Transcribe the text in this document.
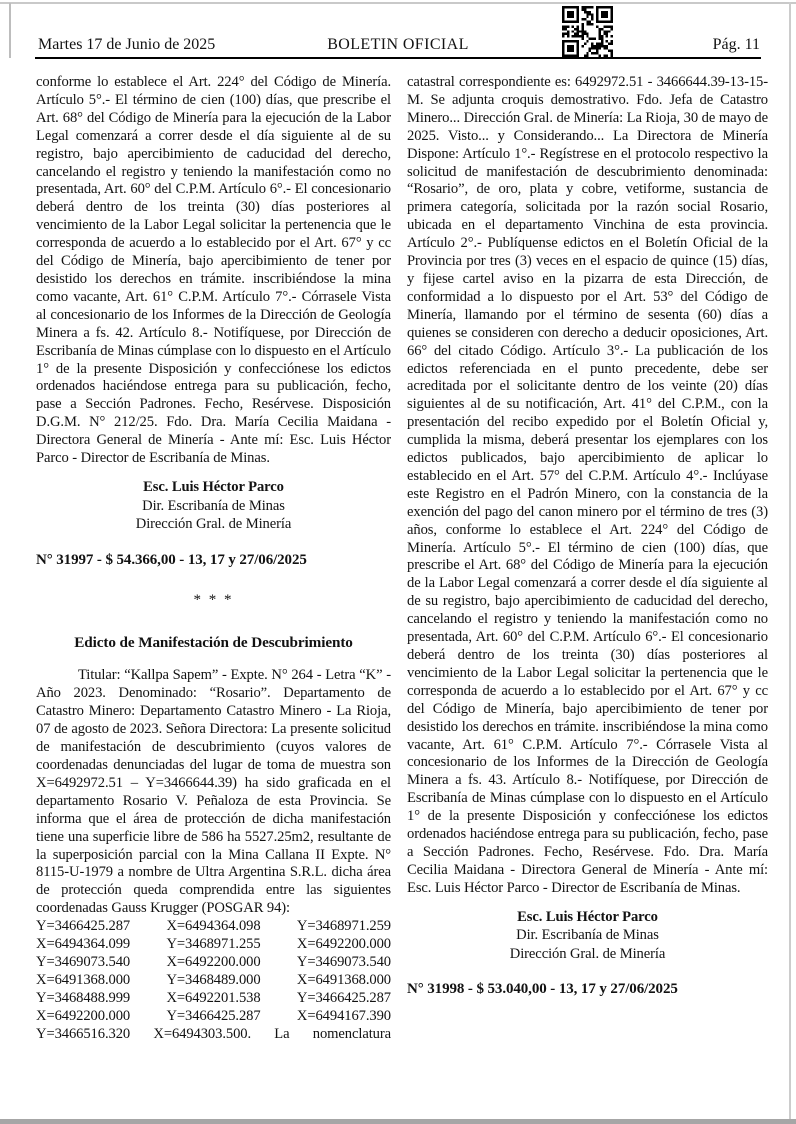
Martes 17 de Junio de 2025	BOLETIN OFICIAL	Pág. 11

conforme lo establece el Art. 224° del Código de Minería. Artículo 5°.- El término de cien (100) días, que prescribe el Art. 68° del Código de Minería para la ejecución de la Labor Legal comenzará a correr desde el día siguiente al de su registro, bajo apercibimiento de caducidad del derecho, cancelando el registro y teniendo la manifestación como no presentada, Art. 60° del C.P.M. Artículo 6°.- El concesionario deberá dentro de los treinta (30) días posteriores al vencimiento de la Labor Legal solicitar la pertenencia que le corresponda de acuerdo a lo establecido por el Art. 67° y cc del Código de Minería, bajo apercibimiento de tener por desistido los derechos en trámite. inscribiéndose la mina como vacante, Art. 61° C.P.M. Artículo 7°.- Córrasele Vista al concesionario de los Informes de la Dirección de Geología Minera a fs. 42. Artículo 8.- Notifíquese, por Dirección de Escribanía de Minas cúmplase con lo dispuesto en el Artículo 1° de la presente Disposición y confecciónese los edictos ordenados haciéndose entrega para su publicación, fecho, pase a Sección Padrones. Fecho, Resérvese. Disposición D.G.M. N° 212/25. Fdo. Dra. María Cecilia Maidana - Directora General de Minería - Ante mí: Esc. Luis Héctor Parco - Director de Escribanía de Minas.

Esc. Luis Héctor Parco
Dir. Escribanía de Minas
Dirección Gral. de Minería
N° 31997 - $ 54.366,00 - 13, 17 y 27/06/2025
* * *
Edicto de Manifestación de Descubrimiento

Titular: “Kallpa Sapem” - Expte. N° 264 - Letra “K” - Año 2023. Denominado: “Rosario”. Departamento de Catastro Minero: Departamento Catastro Minero - La Rioja, 07 de agosto de 2023. Señora Directora: La presente solicitud de manifestación de descubrimiento (cuyos valores de coordenadas denunciadas del lugar de toma de muestra son X=6492972.51 – Y=3466644.39) ha sido graficada en el departamento Rosario V. Peñaloza de esta Provincia. Se informa que el área de protección de dicha manifestación tiene una superficie libre de 586 ha 5527.25m2, resultante de la superposición parcial con la Mina Callana II Expte. N° 8115-U-1979 a nombre de Ultra Argentina S.R.L. dicha área de protección queda comprendida entre las siguientes coordenadas Gauss Krugger (POSGAR 94):

Y=3466425.287 X=6494364.098 Y=3468971.259
X=6494364.099 Y=3468971.255 X=6492200.000
Y=3469073.540 X=6492200.000 Y=3469073.540
X=6491368.000 Y=3468489.000 X=6491368.000
Y=3468488.999 X=6492201.538 Y=3466425.287
X=6492200.000 Y=3466425.287 X=6494167.390
Y=3466516.320 X=6494303.500. La nomenclatura

catastral correspondiente es: 6492972.51 - 3466644.39-13-15-M. Se adjunta croquis demostrativo. Fdo. Jefa de Catastro Minero... Dirección Gral. de Minería: La Rioja, 30 de mayo de 2025. Visto... y Considerando... La Directora de Minería Dispone: Artículo 1°.- Regístrese en el protocolo respectivo la solicitud de manifestación de descubrimiento denominada: “Rosario”, de oro, plata y cobre, vetiforme, sustancia de primera categoría, solicitada por la razón social Rosario, ubicada en el departamento Vinchina de esta provincia. Artículo 2°.- Publíquense edictos en el Boletín Oficial de la Provincia por tres (3) veces en el espacio de quince (15) días, y fijese cartel aviso en la pizarra de esta Dirección, de conformidad a lo dispuesto por el Art. 53° del Código de Minería, llamando por el término de sesenta (60) días a quienes se consideren con derecho a deducir oposiciones, Art. 66° del citado Código. Artículo 3°.- La publicación de los edictos referenciada en el punto precedente, debe ser acreditada por el solicitante dentro de los veinte (20) días siguientes al de su notificación, Art. 41° del C.P.M., con la presentación del recibo expedido por el Boletín Oficial y, cumplida la misma, deberá presentar los ejemplares con los edictos publicados, bajo apercibimiento de aplicar lo establecido en el Art. 57° del C.P.M. Artículo 4°.- Inclúyase este Registro en el Padrón Minero, con la constancia de la exención del pago del canon minero por el término de tres (3) años, conforme lo establece el Art. 224° del Código de Minería. Artículo 5°.- El término de cien (100) días, que prescribe el Art. 68° del Código de Minería para la ejecución de la Labor Legal comenzará a correr desde el día siguiente al de su registro, bajo apercibimiento de caducidad del derecho, cancelando el registro y teniendo la manifestación como no presentada, Art. 60° del C.P.M. Artículo 6°.- El concesionario deberá dentro de los treinta (30) días posteriores al vencimiento de la Labor Legal solicitar la pertenencia que le corresponda de acuerdo a lo establecido por el Art. 67° y cc del Código de Minería, bajo apercibimiento de tener por desistido los derechos en trámite. inscribiéndose la mina como vacante, Art. 61° C.P.M. Artículo 7°.- Córrasele Vista al concesionario de los Informes de la Dirección de Geología Minera a fs. 43. Artículo 8.- Notifíquese, por Dirección de Escribanía de Minas cúmplase con lo dispuesto en el Artículo 1° de la presente Disposición y confecciónese los edictos ordenados haciéndose entrega para su publicación, fecho, pase a Sección Padrones. Fecho, Resérvese. Fdo. Dra. María Cecilia Maidana - Directora General de Minería - Ante mí: Esc. Luis Héctor Parco - Director de Escribanía de Minas.

Esc. Luis Héctor Parco
Dir. Escribanía de Minas
Dirección Gral. de Minería
N° 31998 - $ 53.040,00 - 13, 17 y 27/06/2025
